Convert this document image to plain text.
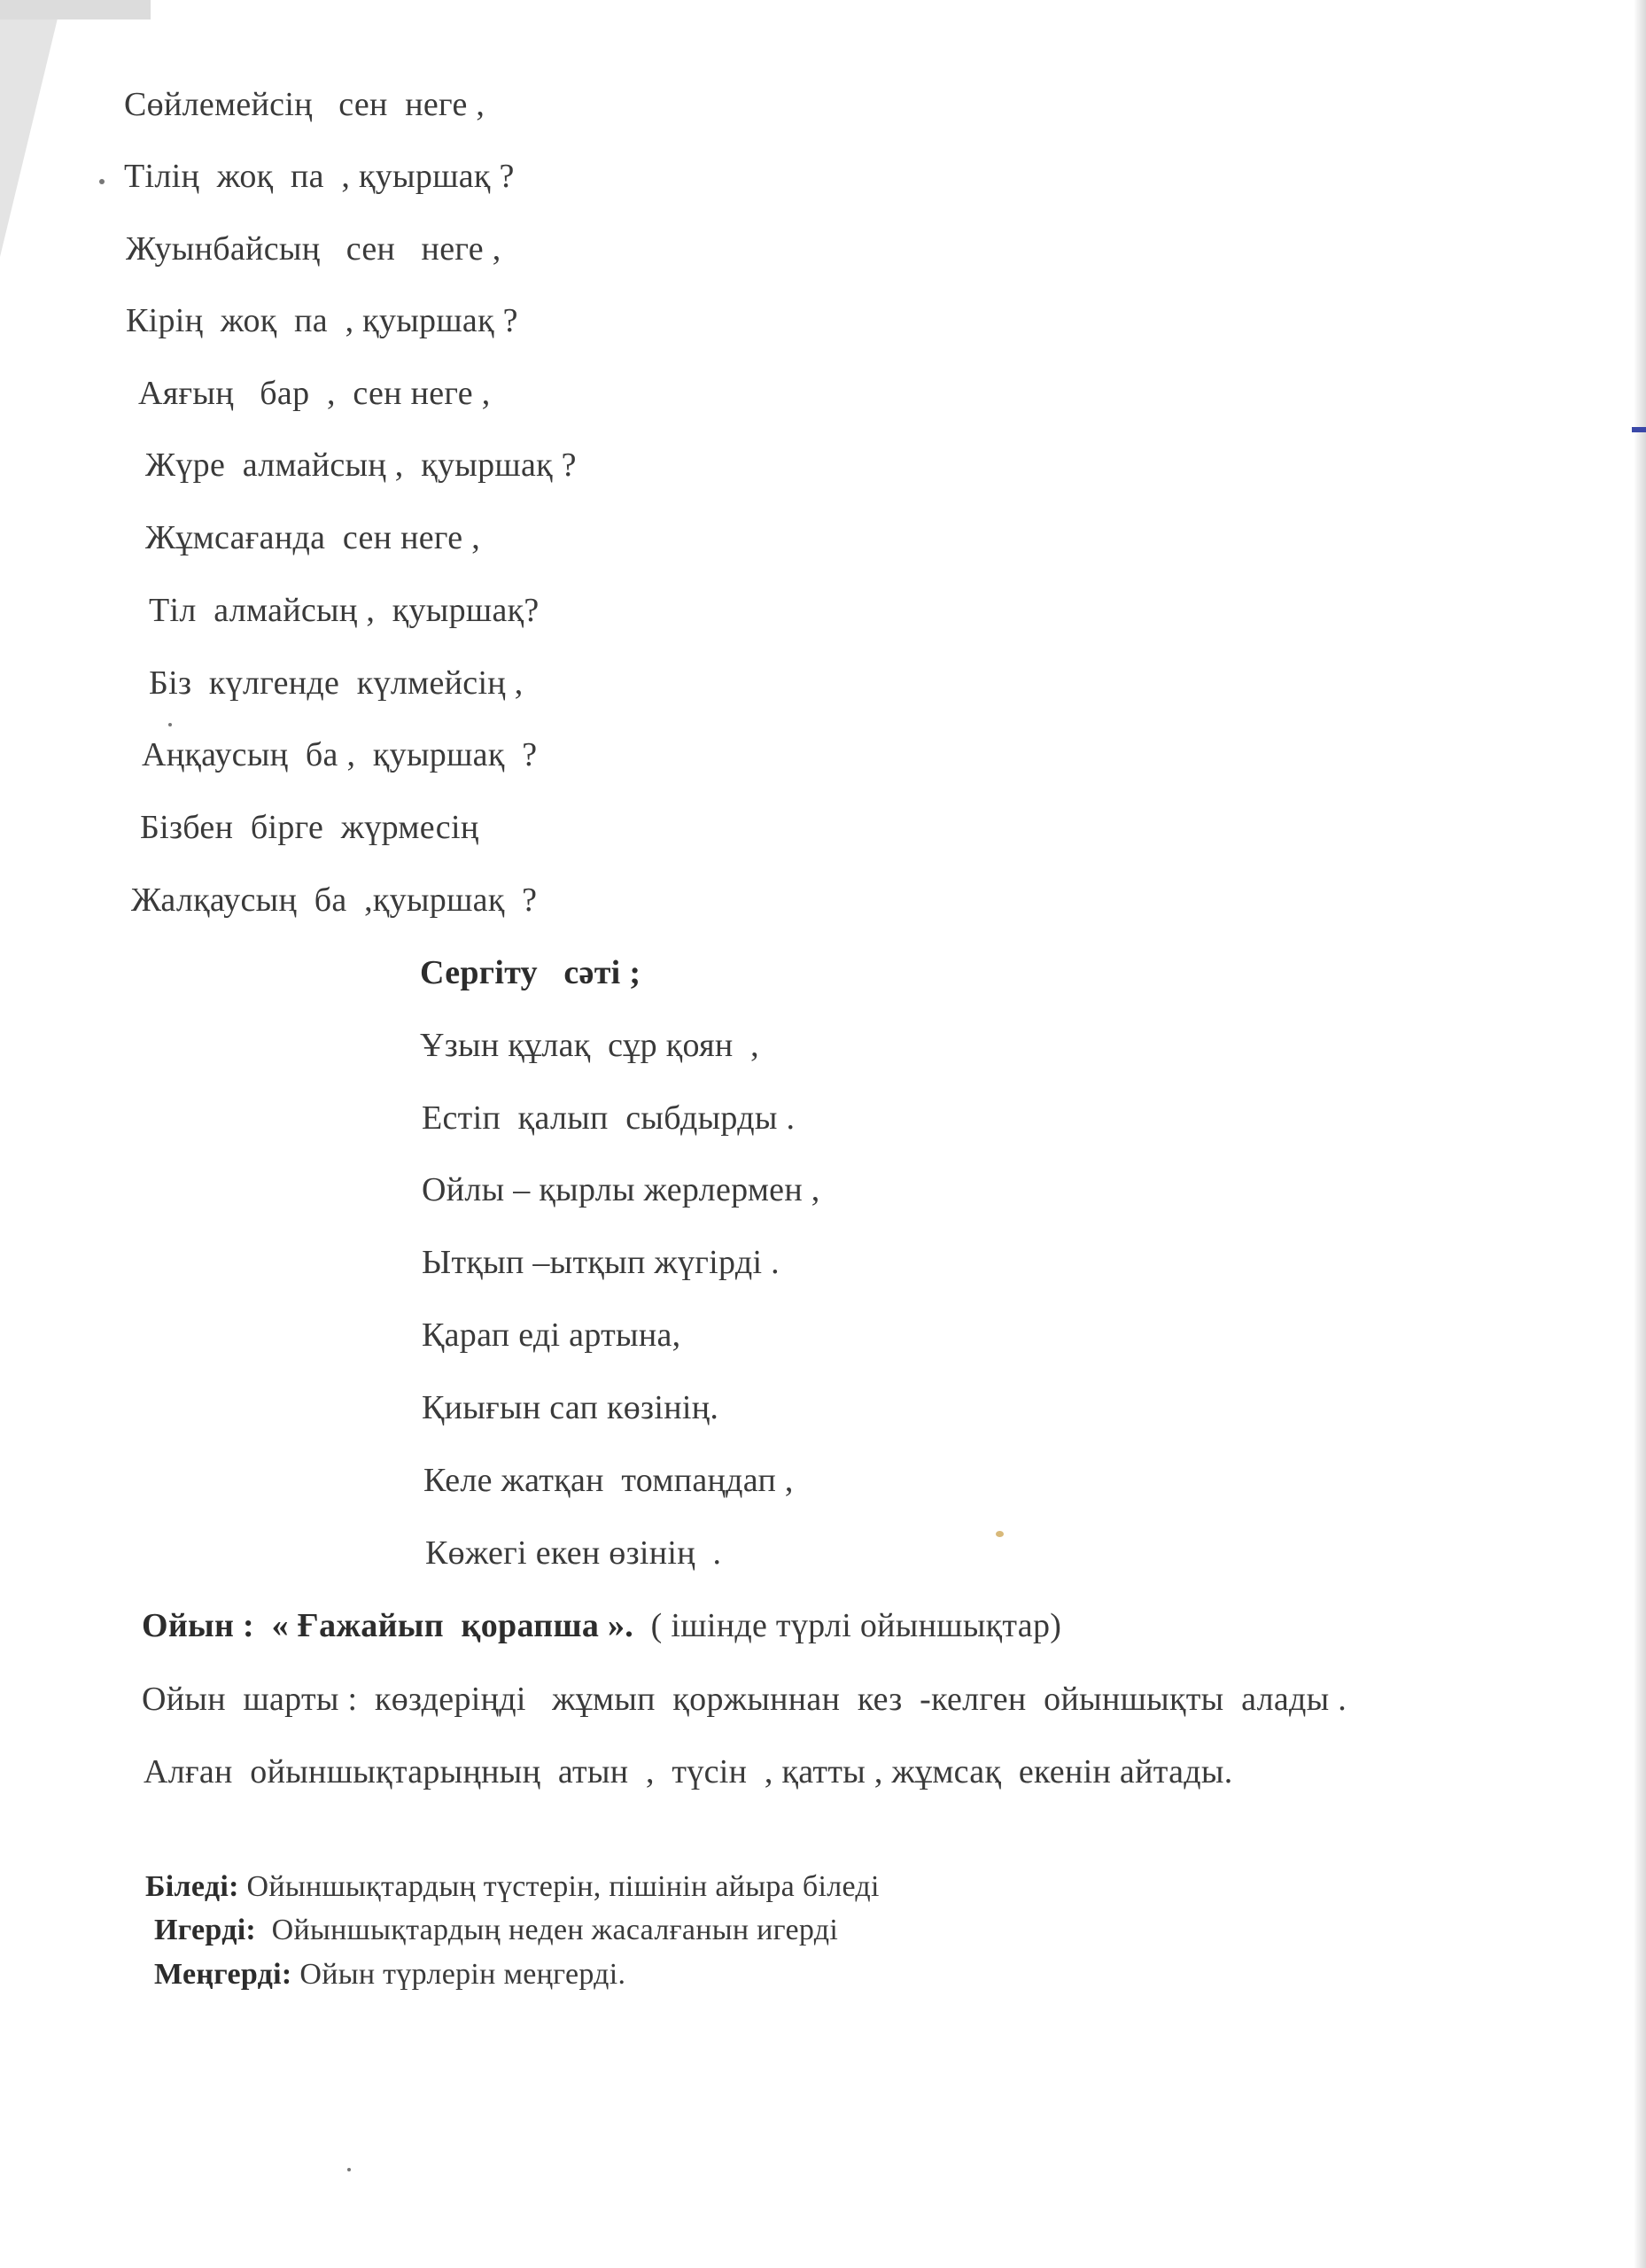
Сөйлемейсің   сен  неге ,
Тілің  жоқ  па  , қуыршақ ?
Жуынбайсың   сен   неге ,
Кірің  жоқ  па  , қуыршақ ?
Аяғың   бар  ,  сен неге ,
Жүре  алмайсың ,  қуыршақ ?
Жұмсағанда  сен неге ,
Тіл  алмайсың ,  қуыршақ?
Біз  күлгенде  күлмейсің ,
Аңқаусың  ба ,  қуыршақ  ?
Бізбен  бірге  жүрмесің
Жалқаусың  ба  ,қуыршақ  ?
Сергіту   сәті ;
Ұзын құлақ  сұр қоян  ,
Естіп  қалып  сыбдырды .
Ойлы – қырлы жерлермен ,
Ытқып –ытқып жүгірді .
Қарап еді артына,
Қиығын сап көзінің.
Келе жатқан  томпаңдап ,
Көжегі екен өзінің  .
Ойын :  « Ғажайып  қорапша ».  ( ішінде түрлі ойыншықтар)
Ойын  шарты :  көздеріңді   жұмып  қоржыннан  кез  -келген  ойыншықты  алады .
Алған  ойыншықтарыңның  атын  ,  түсін  , қатты , жұмсақ  екенін айтады.
Біледі: Ойыншықтардың түстерін, пішінін айыра біледі
Игерді:  Ойыншықтардың неден жасалғанын игерді
Меңгерді: Ойын түрлерін меңгерді.
